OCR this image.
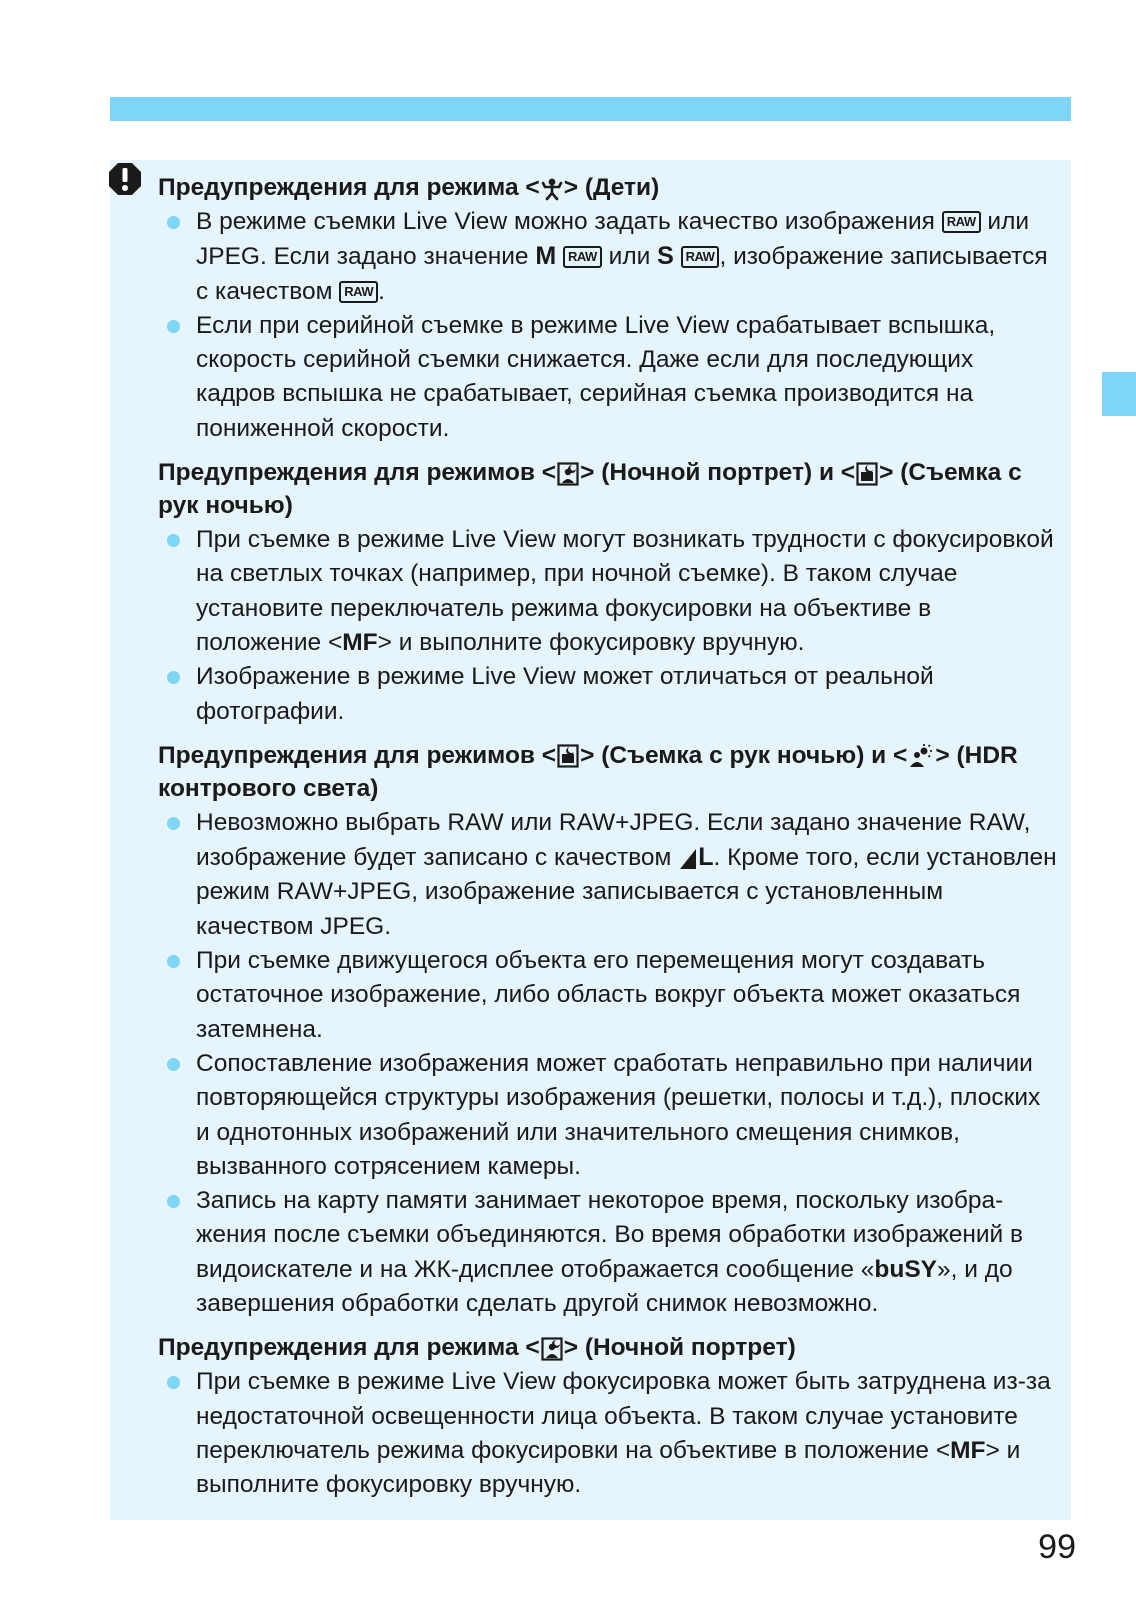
Предупреждения для режима < > (Дети)

В режиме съемки Live View можно задать качество изображения RAW или JPEG. Если задано значение M RAW или S RAW , изображение записывается с качеством RAW .
Если при серийной съемке в режиме Live View срабатывает вспышка, скорость серийной съемки снижается. Даже если для последующих кадров вспышка не срабатывает, серийная съемка производится на пониженной скорости.

Предупреждения для режимов < > (Ночной портрет) и < > (Съемка с рук ночью)

При съемке в режиме Live View могут возникать трудности с фокусировкой на светлых точках (например, при ночной съемке). В таком случае установите переключатель режима фокусировки на объективе в положение <MF> и выполните фокусировку вручную.
Изображение в режиме Live View может отличаться от реальной фотографии.

Предупреждения для режимов < > (Съемка с рук ночью) и < > (HDR контрового света)

Невозможно выбрать RAW или RAW+JPEG. Если задано значение RAW, изображение будет записано с качеством L. Кроме того, если установлен режим RAW+JPEG, изображение записывается с установленным качеством JPEG.
При съемке движущегося объекта его перемещения могут создавать остаточное изображение, либо область вокруг объекта может оказаться затемнена.
Сопоставление изображения может сработать неправильно при наличии повторяющейся структуры изображения (решетки, полосы и т.д.), плоских и однотонных изображений или значительного смещения снимков, вызванного сотрясением камеры.
Запись на карту памяти занимает некоторое время, поскольку изображения после съемки объединяются. Во время обработки изображений в видоискателе и на ЖК-дисплее отображается сообщение «buSY», и до завершения обработки сделать другой снимок невозможно.

Предупреждения для режима < > (Ночной портрет)

При съемке в режиме Live View фокусировка может быть затруднена из-за недостаточной освещенности лица объекта. В таком случае установите переключатель режима фокусировки на объективе в положение <MF> и выполните фокусировку вручную.
99
